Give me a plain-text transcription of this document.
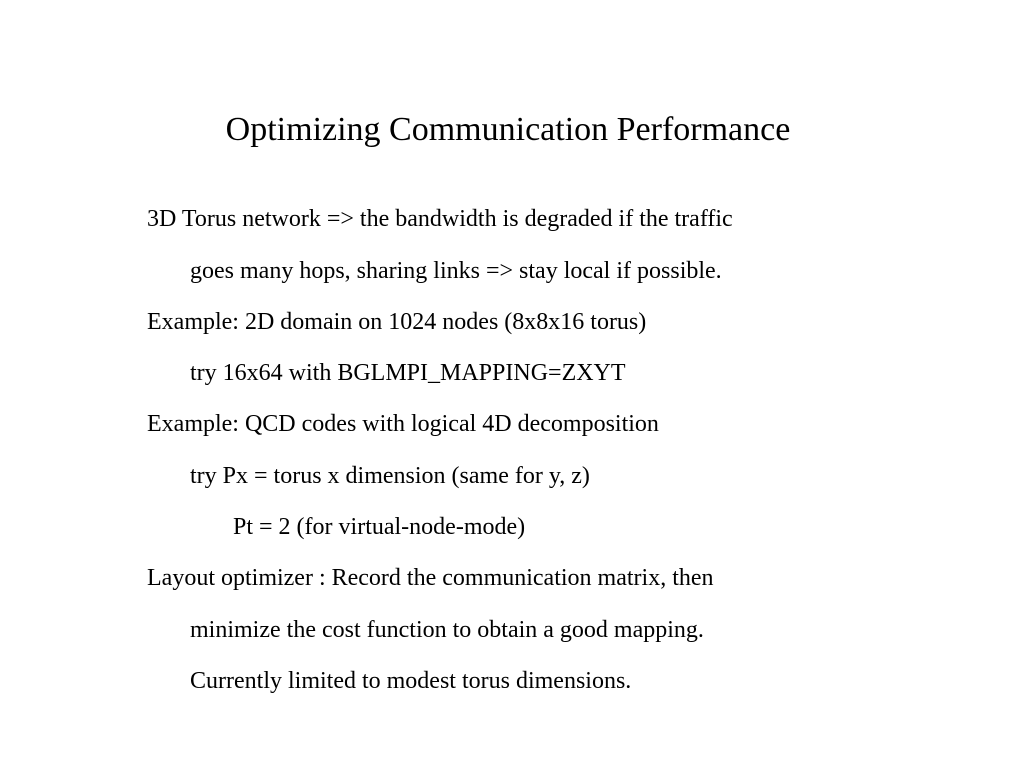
Optimizing Communication Performance
3D Torus network => the bandwidth is degraded if the traffic
goes many hops, sharing links => stay local if possible.
Example: 2D domain on 1024 nodes (8x8x16 torus)
try 16x64 with BGLMPI_MAPPING=ZXYT
Example: QCD codes with logical 4D decomposition
try Px = torus x dimension (same for y, z)
Pt = 2 (for virtual-node-mode)
Layout optimizer : Record the communication matrix, then
minimize the cost function to obtain a good mapping.
Currently limited to modest torus dimensions.
